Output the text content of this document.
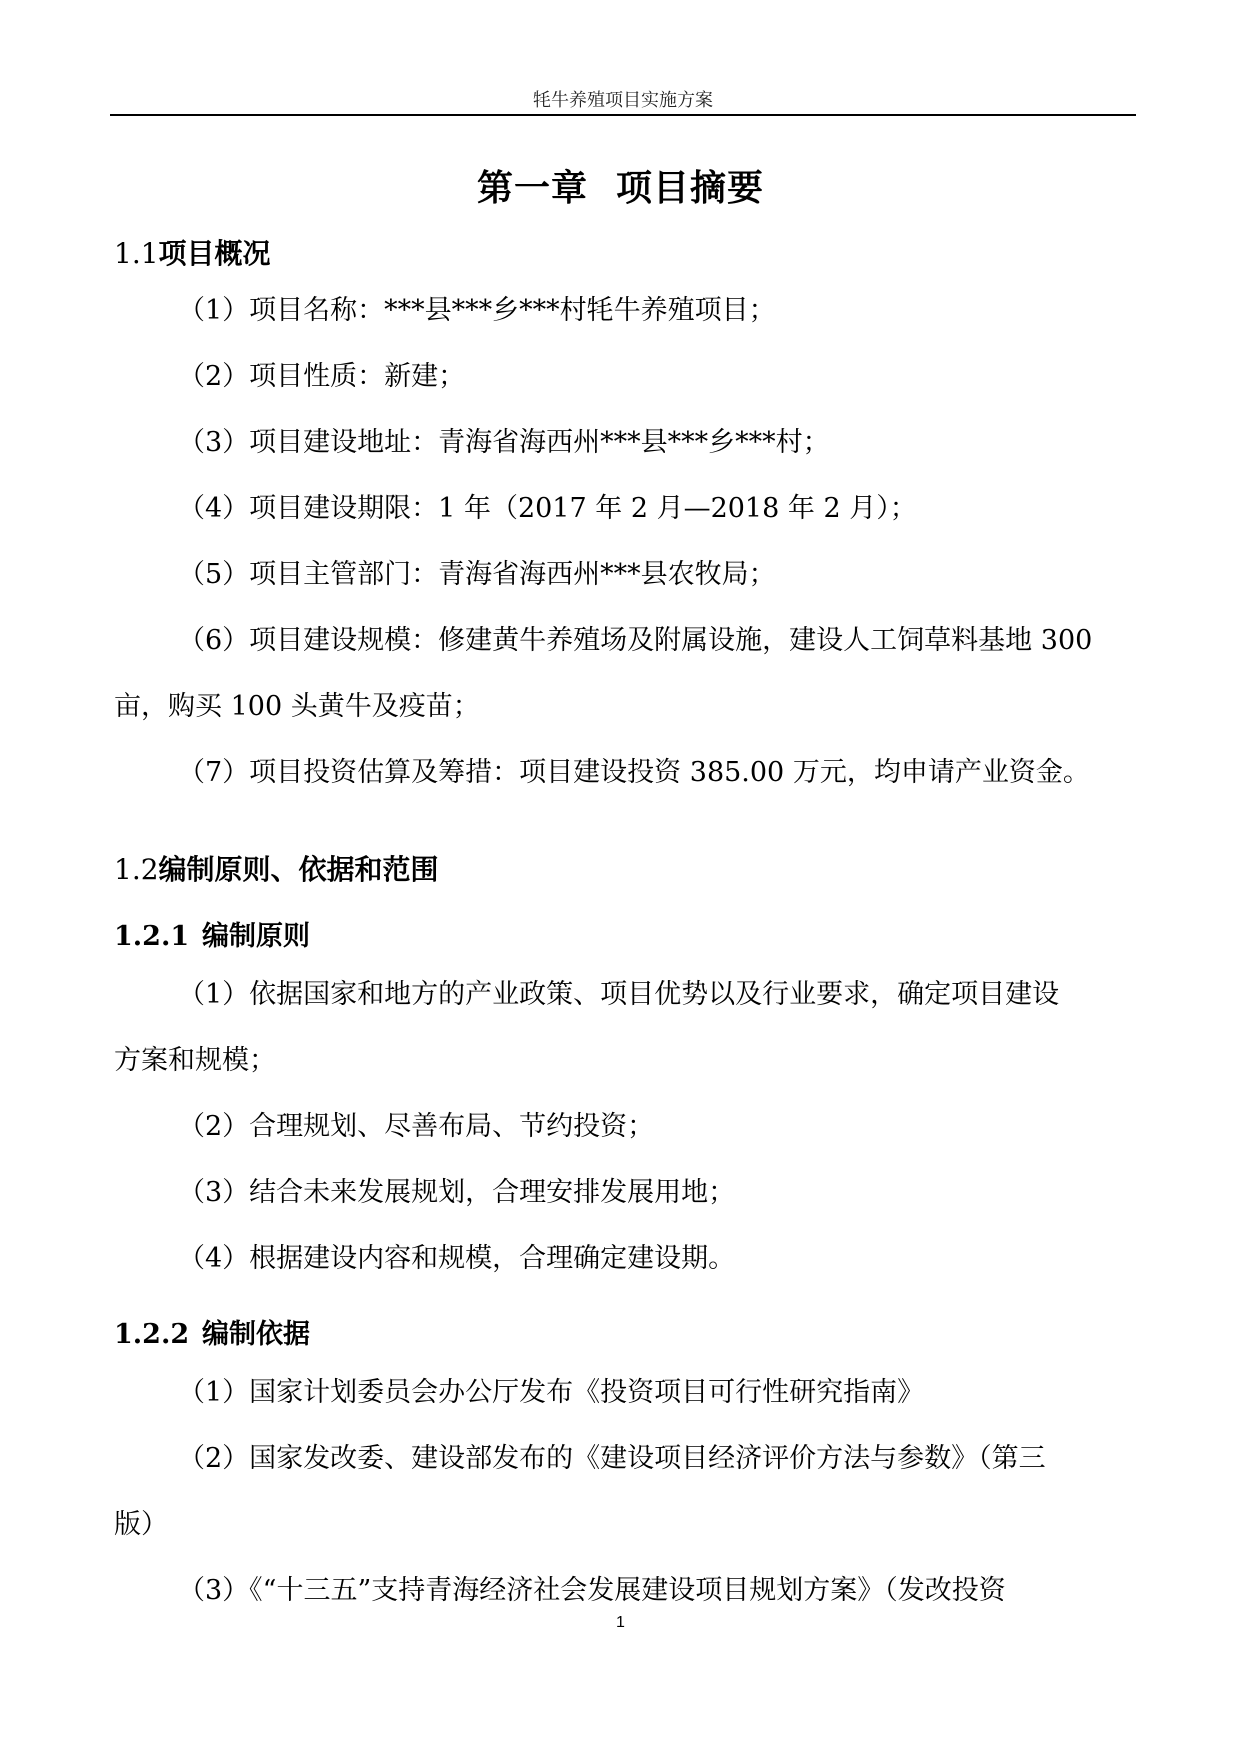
牦牛养殖项目实施方案
第一章 项目摘要
1.1项目概况
（1）项目名称：***县***乡***村牦牛养殖项目；
（2）项目性质：新建；
（3）项目建设地址：青海省海西州***县***乡***村；
（4）项目建设期限：1 年（2017 年 2 月—2018 年 2 月）；
（5）项目主管部门：青海省海西州***县农牧局；
（6）项目建设规模：修建黄牛养殖场及附属设施，建设人工饲草料基地 300
亩，购买 100 头黄牛及疫苗；
（7）项目投资估算及筹措：项目建设投资 385.00 万元，均申请产业资金。
1.2编制原则、依据和范围
1.2.1 编制原则
（1）依据国家和地方的产业政策、项目优势以及行业要求，确定项目建设
方案和规模；
（2）合理规划、尽善布局、节约投资；
（3）结合未来发展规划，合理安排发展用地；
（4）根据建设内容和规模，合理确定建设期。
1.2.2 编制依据
（1）国家计划委员会办公厅发布《投资项目可行性研究指南》
（2）国家发改委、建设部发布的《建设项目经济评价方法与参数》（第三
版）
（3）《“十三五”支持青海经济社会发展建设项目规划方案》（发改投资
1
